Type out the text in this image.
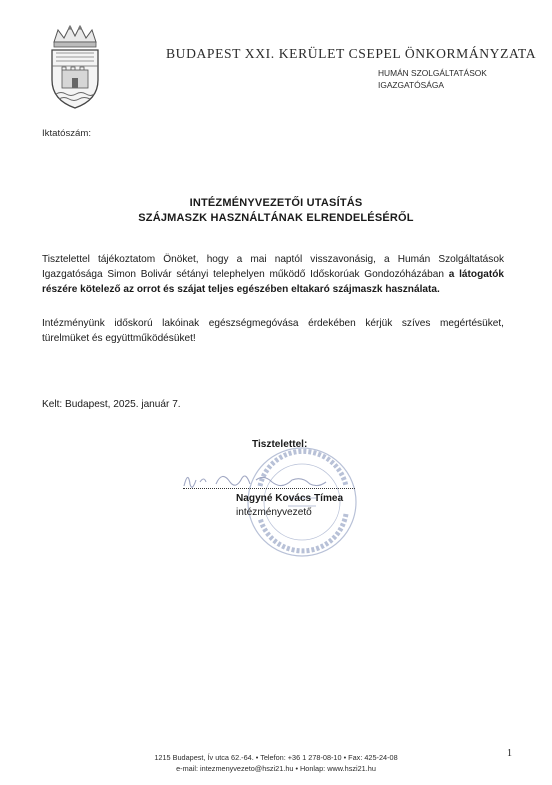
BUDAPEST XXI. KERÜLET CSEPEL ÖNKORMÁNYZATA
HUMÁN SZOLGÁLTATÁSOK
IGAZGATÓSÁGA
Iktatószám:
INTÉZMÉNYVEZETŐI UTASÍTÁS
SZÁJMASZK HASZNÁLTÁNAK ELRENDELÉSÉRŐL
Tisztelettel tájékoztatom Önöket, hogy a mai naptól visszavonásig, a Humán Szolgáltatások Igazgatósága Simon Bolivár sétányi telephelyen működő Időskorúak Gondozóházában a látogatók részére kötelező az orrot és szájat teljes egészében eltakaró szájmaszk használata.
Intézményünk időskorú lakóinak egészségmegóvása érdekében kérjük szíves megértésüket, türelmüket és együttműködésüket!
Kelt: Budapest, 2025. január 7.
Tisztelettel:
Nagyné Kovács Tímea
intézményvezető
1215 Budapest, Ív utca 62.-64. • Telefon: +36 1 278-08-10 • Fax: 425-24-08
e-mail: intezmenyvezeto@hszi21.hu • Honlap: www.hszi21.hu
1
